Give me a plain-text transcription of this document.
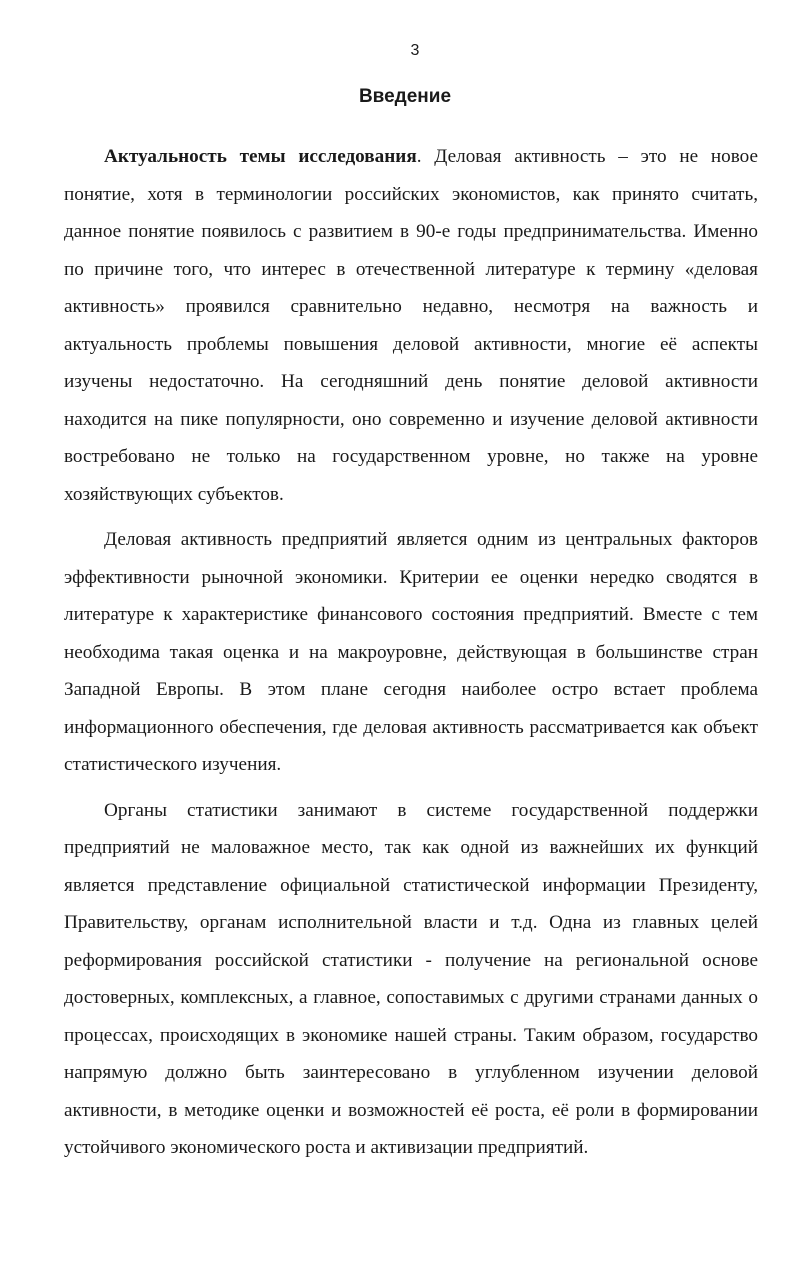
3
Введение

Актуальность темы исследования. Деловая активность – это не новое понятие, хотя в терминологии российских экономистов, как принято считать, данное понятие появилось с развитием в 90-е годы предпринимательства. Именно по причине того, что интерес в отечественной литературе к термину «деловая активность» проявился сравнительно недавно, несмотря на важность и актуальность проблемы повышения деловой активности, многие её аспекты изучены недостаточно. На сегодняшний день понятие деловой активности находится на пике популярности, оно современно и изучение деловой активности востребовано не только на государственном уровне, но также на уровне хозяйствующих субъектов.

Деловая активность предприятий является одним из центральных факторов эффективности рыночной экономики. Критерии ее оценки нередко сводятся в литературе к характеристике финансового состояния предприятий. Вместе с тем необходима такая оценка и на макроуровне, действующая в большинстве стран Западной Европы. В этом плане сегодня наиболее остро встает проблема информационного обеспечения, где деловая активность рассматривается как объект статистического изучения.

Органы статистики занимают в системе государственной поддержки предприятий не маловажное место, так как одной из важнейших их функций является представление официальной статистической информации Президенту, Правительству, органам исполнительной власти и т.д. Одна из главных целей реформирования российской статистики - получение на региональной основе достоверных, комплексных, а главное, сопоставимых с другими странами данных о процессах, происходящих в экономике нашей страны. Таким образом, государство напрямую должно быть заинтересовано в углубленном изучении деловой активности, в методике оценки и возможностей её роста, её роли в формировании устойчивого экономического роста и активизации предприятий.
